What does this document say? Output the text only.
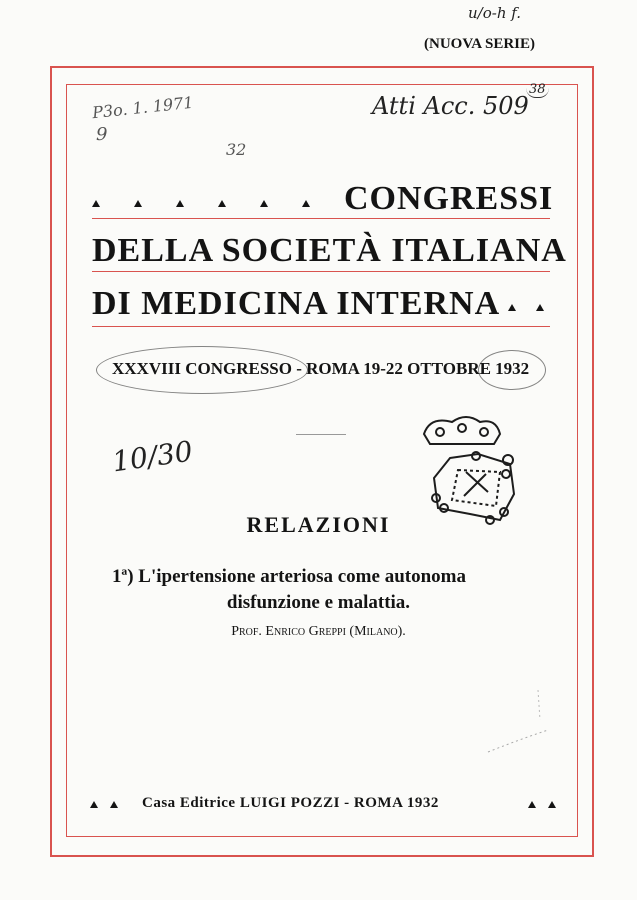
u/o-h f.
(NUOVA SERIE)
P3o. 1. 1971
9
32
Atti Acc. 509
38
CONGRESSI
DELLA SOCIETÀ ITALIANA
DI MEDICINA INTERNA
XXXVIII CONGRESSO - ROMA 19-22 OTTOBRE 1932
10/30
RELAZIONI
1ª) L'ipertensione arteriosa come autonoma
disfunzione e malattia.
Prof. Enrico Greppi (Milano).
Casa Editrice LUIGI POZZI - ROMA 1932
